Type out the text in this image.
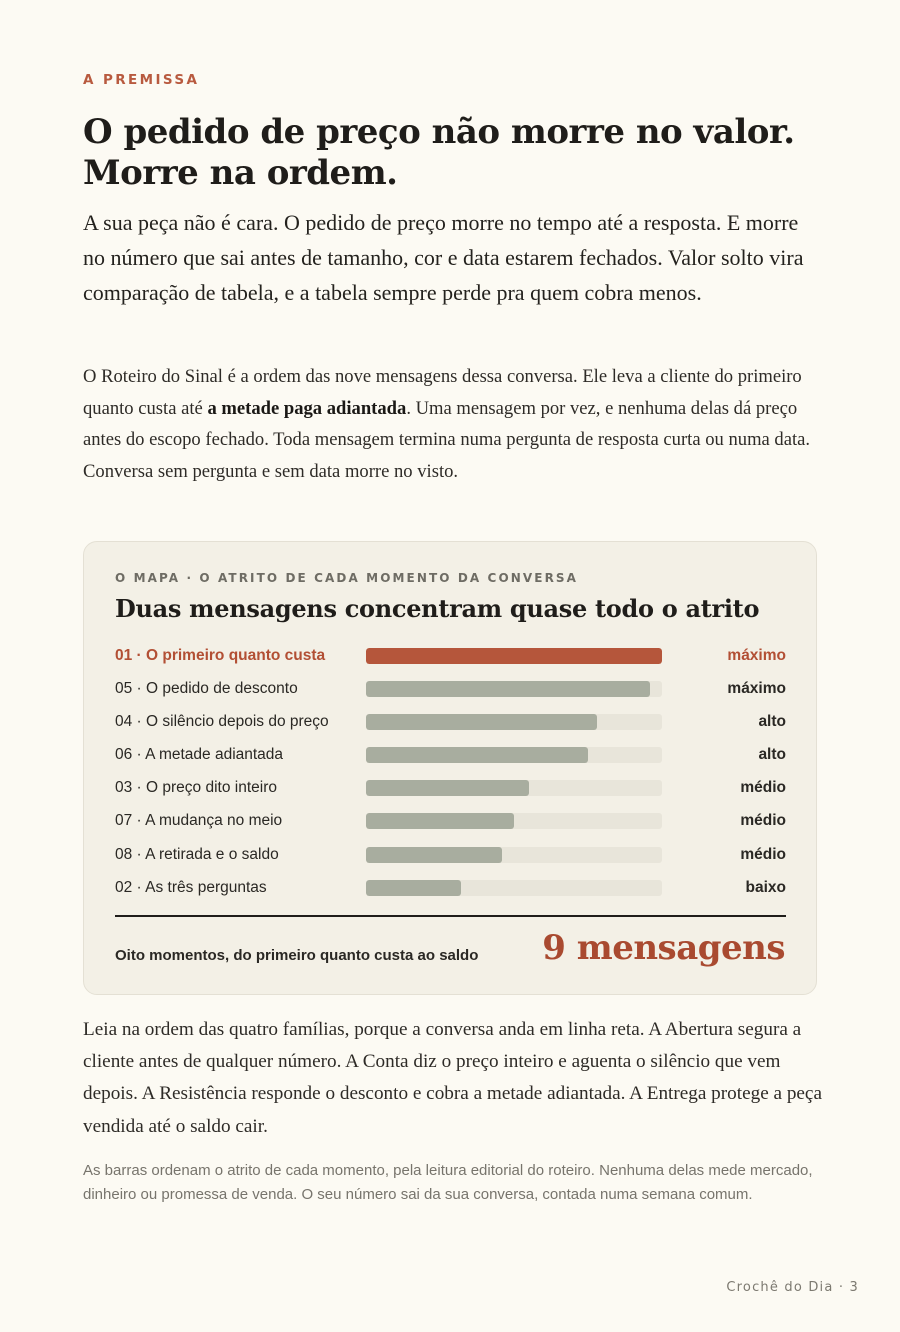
A PREMISSA
O pedido de preço não morre no valor.
Morre na ordem.

A sua peça não é cara. O pedido de preço morre no tempo até a resposta. E morre no número que sai antes de tamanho, cor e data estarem fechados. Valor solto vira comparação de tabela, e a tabela sempre perde pra quem cobra menos.

O Roteiro do Sinal é a ordem das nove mensagens dessa conversa. Ele leva a cliente do primeiro quanto custa até a metade paga adiantada. Uma mensagem por vez, e nenhuma delas dá preço antes do escopo fechado. Toda mensagem termina numa pergunta de resposta curta ou numa data. Conversa sem pergunta e sem data morre no visto.

O MAPA · O ATRITO DE CADA MOMENTO DA CONVERSA
Duas mensagens concentram quase todo o atrito
01 · O primeiro quanto custa	máximo
05 · O pedido de desconto	máximo
04 · O silêncio depois do preço	alto
06 · A metade adiantada	alto
03 · O preço dito inteiro	médio
07 · A mudança no meio	médio
08 · A retirada e o saldo	médio
02 · As três perguntas	baixo
Oito momentos, do primeiro quanto custa ao saldo 9 mensagens

Leia na ordem das quatro famílias, porque a conversa anda em linha reta. A Abertura segura a cliente antes de qualquer número. A Conta diz o preço inteiro e aguenta o silêncio que vem depois. A Resistência responde o desconto e cobra a metade adiantada. A Entrega protege a peça vendida até o saldo cair.

As barras ordenam o atrito de cada momento, pela leitura editorial do roteiro. Nenhuma delas mede mercado, dinheiro ou promessa de venda. O seu número sai da sua conversa, contada numa semana comum.

Crochê do Dia · 3
